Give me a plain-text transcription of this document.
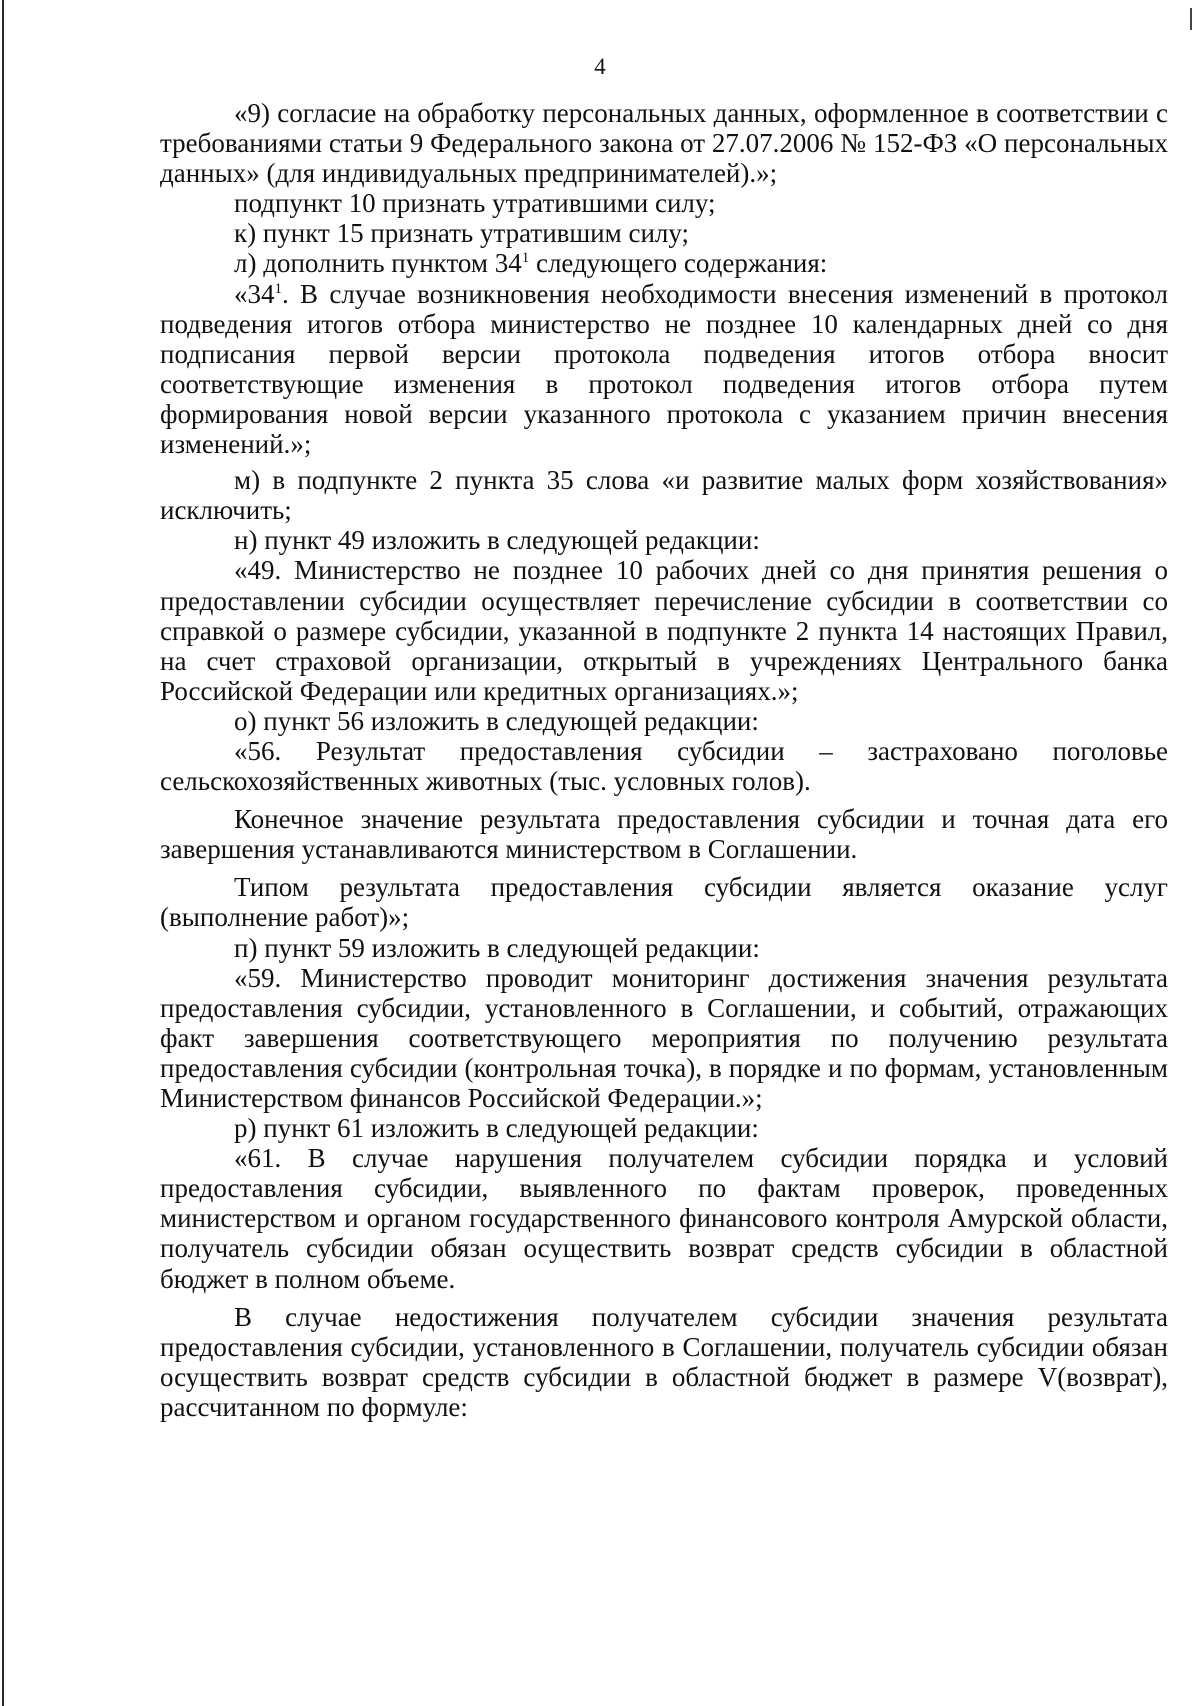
4

«9) согласие на обработку персональных данных, оформленное в соответствии с требованиями статьи 9 Федерального закона от 27.07.2006 № 152-ФЗ «О персональных данных» (для индивидуальных предпринимателей).»;

подпункт 10 признать утратившими силу;

к) пункт 15 признать утратившим силу;

л) дополнить пунктом $34^1$ следующего содержания:

«$34^1$. В случае возникновения необходимости внесения изменений в протокол подведения итогов отбора министерство не позднее 10 календарных дней со дня подписания первой версии протокола подведения итогов отбора вносит соответствующие изменения в протокол подведения итогов отбора путем формирования новой версии указанного протокола с указанием причин внесения изменений.»;

м) в подпункте 2 пункта 35 слова «и развитие малых форм хозяйствования» исключить;

н) пункт 49 изложить в следующей редакции:

«49. Министерство не позднее 10 рабочих дней со дня принятия решения о предоставлении субсидии осуществляет перечисление субсидии в соответствии со справкой о размере субсидии, указанной в подпункте 2 пункта 14 настоящих Правил, на счет страховой организации, открытый в учреждениях Центрального банка Российской Федерации или кредитных организациях.»;

о) пункт 56 изложить в следующей редакции:

«56. Результат предоставления субсидии – застраховано поголовье сельскохозяйственных животных (тыс. условных голов).

Конечное значение результата предоставления субсидии и точная дата его завершения устанавливаются министерством в Соглашении.

Типом результата предоставления субсидии является оказание услуг (выполнение работ)»;

п) пункт 59 изложить в следующей редакции:

«59. Министерство проводит мониторинг достижения значения результата предоставления субсидии, установленного в Соглашении, и событий, отражающих факт завершения соответствующего мероприятия по получению результата предоставления субсидии (контрольная точка), в порядке и по формам, установленным Министерством финансов Российской Федерации.»;

р) пункт 61 изложить в следующей редакции:

«61. В случае нарушения получателем субсидии порядка и условий предоставления субсидии, выявленного по фактам проверок, проведенных министерством и органом государственного финансового контроля Амурской области, получатель субсидии обязан осуществить возврат средств субсидии в областной бюджет в полном объеме.

В случае недостижения получателем субсидии значения результата предоставления субсидии, установленного в Соглашении, получатель субсидии обязан осуществить возврат средств субсидии в областной бюджет в размере V(возврат), рассчитанном по формуле:
